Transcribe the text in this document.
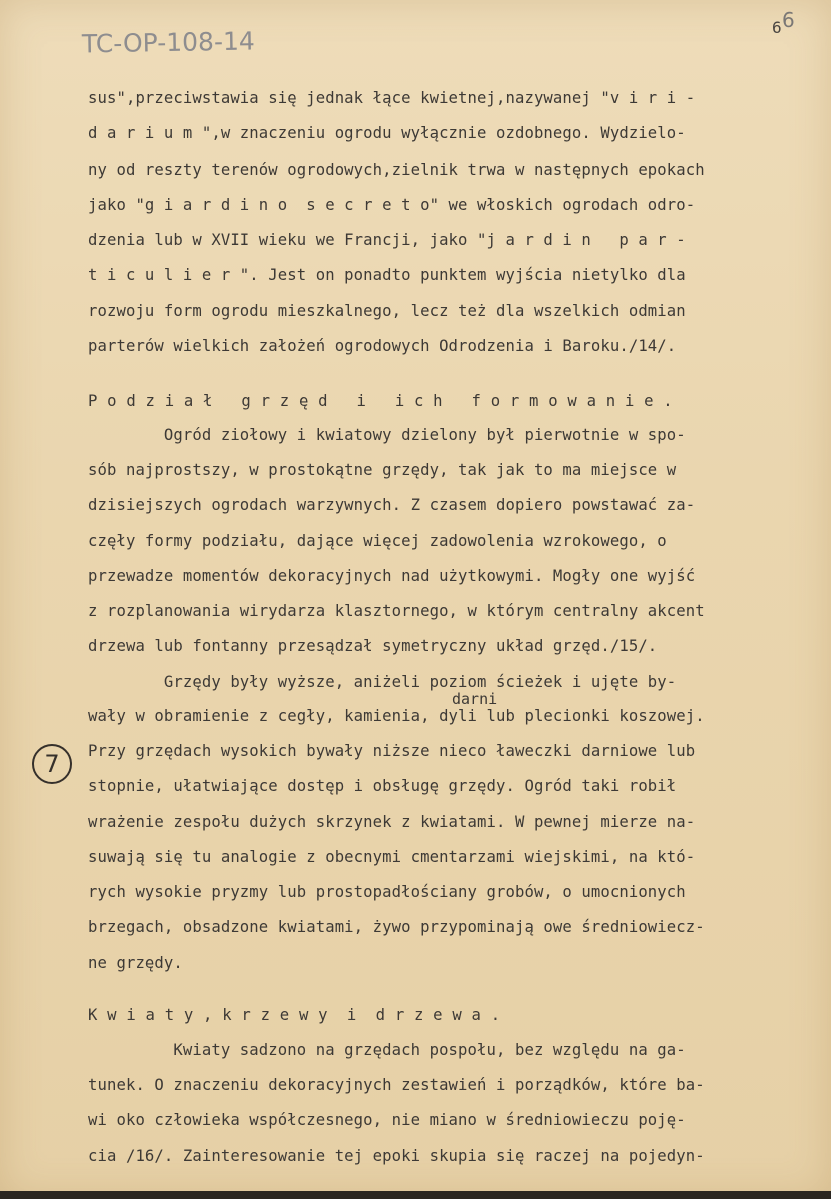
TC-OP-108-14	6 6
7
sus",przeciwstawia się jednak łące kwietnej,nazywanej "v i r i -
d a r i u m ",w znaczeniu ogrodu wyłącznie ozdobnego. Wydzielo-
ny od reszty terenów ogrodowych,zielnik trwa w następnych epokach
jako "g i a r d i n o  s e c r e t o" we włoskich ogrodach odro-
dzenia lub w XVII wieku we Francji, jako "j a r d i n   p a r -
t i c u l i e r ". Jest on ponadto punktem wyjścia nietylko dla
rozwoju form ogrodu mieszkalnego, lecz też dla wszelkich odmian
parterów wielkich założeń ogrodowych Odrodzenia i Baroku./14/.
P o d z i a ł   g r z ę d   i   i c h   f o r m o w a n i e .
Ogród ziołowy i kwiatowy dzielony był pierwotnie w spo-
sób najprostszy, w prostokątne grzędy, tak jak to ma miejsce w
dzisiejszych ogrodach warzywnych. Z czasem dopiero powstawać za-
częły formy podziału, dające więcej zadowolenia wzrokowego, o
przewadze momentów dekoracyjnych nad użytkowymi. Mogły one wyjść
z rozplanowania wirydarza klasztornego, w którym centralny akcent
drzewa lub fontanny przesądzał symetryczny układ grzęd./15/.
Grzędy były wyższe, aniżeli poziom ścieżek i ujęte by-
darni
wały w obramienie z cegły, kamienia, dyli lub plecionki koszowej.
Przy grzędach wysokich bywały niższe nieco ławeczki darniowe lub
stopnie, ułatwiające dostęp i obsługę grzędy. Ogród taki robił
wrażenie zespołu dużych skrzynek z kwiatami. W pewnej mierze na-
suwają się tu analogie z obecnymi cmentarzami wiejskimi, na któ-
rych wysokie pryzmy lub prostopadłościany grobów, o umocnionych
brzegach, obsadzone kwiatami, żywo przypominają owe średniowiecz-
ne grzędy.
K w i a t y , k r z e w y  i  d r z e w a .
Kwiaty sadzono na grzędach pospołu, bez względu na ga-
tunek. O znaczeniu dekoracyjnych zestawień i porządków, które ba-
wi oko człowieka współczesnego, nie miano w średniowieczu poję-
cia /16/. Zainteresowanie tej epoki skupia się raczej na pojedyn-
